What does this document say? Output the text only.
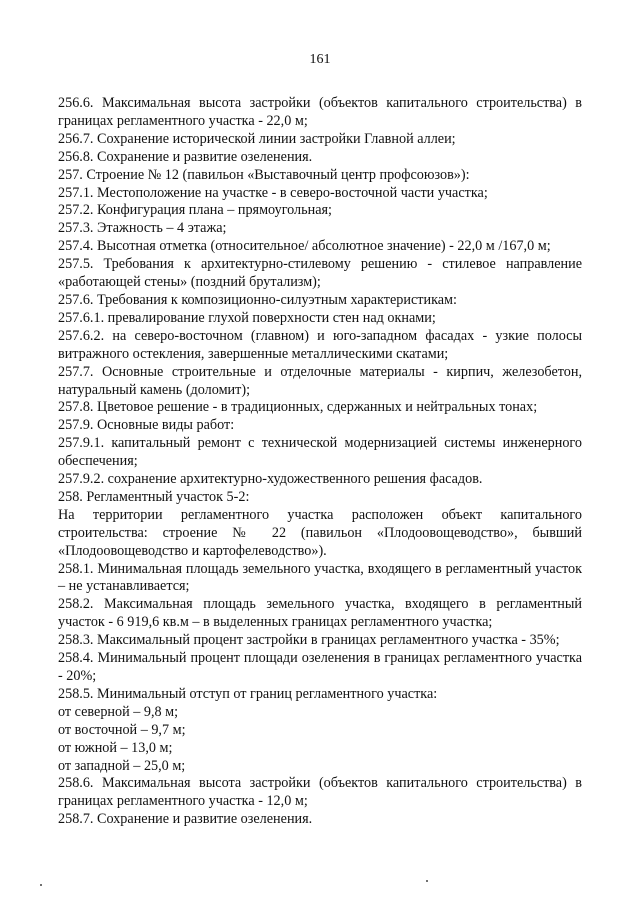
161

256.6. Максимальная высота застройки (объектов капитального строительства) в границах регламентного участка - 22,0 м;

256.7. Сохранение исторической линии застройки Главной аллеи;

256.8. Сохранение и развитие озеленения.

257. Строение № 12 (павильон «Выставочный центр профсоюзов»):

257.1. Местоположение на участке - в северо-восточной части участка;

257.2. Конфигурация плана – прямоугольная;

257.3. Этажность – 4 этажа;

257.4. Высотная отметка (относительное/ абсолютное значение) - 22,0 м /167,0 м;

257.5. Требования к архитектурно-стилевому решению - стилевое направление «работающей стены» (поздний брутализм);

257.6. Требования к композиционно-силуэтным характеристикам:

257.6.1. превалирование глухой поверхности стен над окнами;

257.6.2. на северо-восточном (главном) и юго-западном фасадах - узкие полосы витражного остекления, завершенные металлическими скатами;

257.7. Основные строительные и отделочные материалы - кирпич, железобетон, натуральный камень (доломит);

257.8. Цветовое решение - в традиционных, сдержанных и нейтральных тонах;

257.9. Основные виды работ:

257.9.1. капитальный ремонт с технической модернизацией системы инженерного обеспечения;

257.9.2. сохранение архитектурно-художественного решения фасадов.

258. Регламентный участок 5-2:

На территории регламентного участка расположен объект капитального строительства: строение № 22 (павильон «Плодоовощеводство», бывший «Плодоовощеводство и картофелеводство»).

258.1. Минимальная площадь земельного участка, входящего в регламентный участок – не устанавливается;

258.2. Максимальная площадь земельного участка, входящего в регламентный участок - 6 919,6 кв.м – в выделенных границах регламентного участка;

258.3. Максимальный процент застройки в границах регламентного участка - 35%;

258.4. Минимальный процент площади озеленения в границах регламентного участка - 20%;

258.5. Минимальный отступ от границ регламентного участка:

от северной – 9,8 м;

от восточной – 9,7 м;

от южной – 13,0 м;

от западной – 25,0 м;

258.6. Максимальная высота застройки (объектов капитального строительства) в границах регламентного участка - 12,0 м;

258.7. Сохранение и развитие озеленения.
